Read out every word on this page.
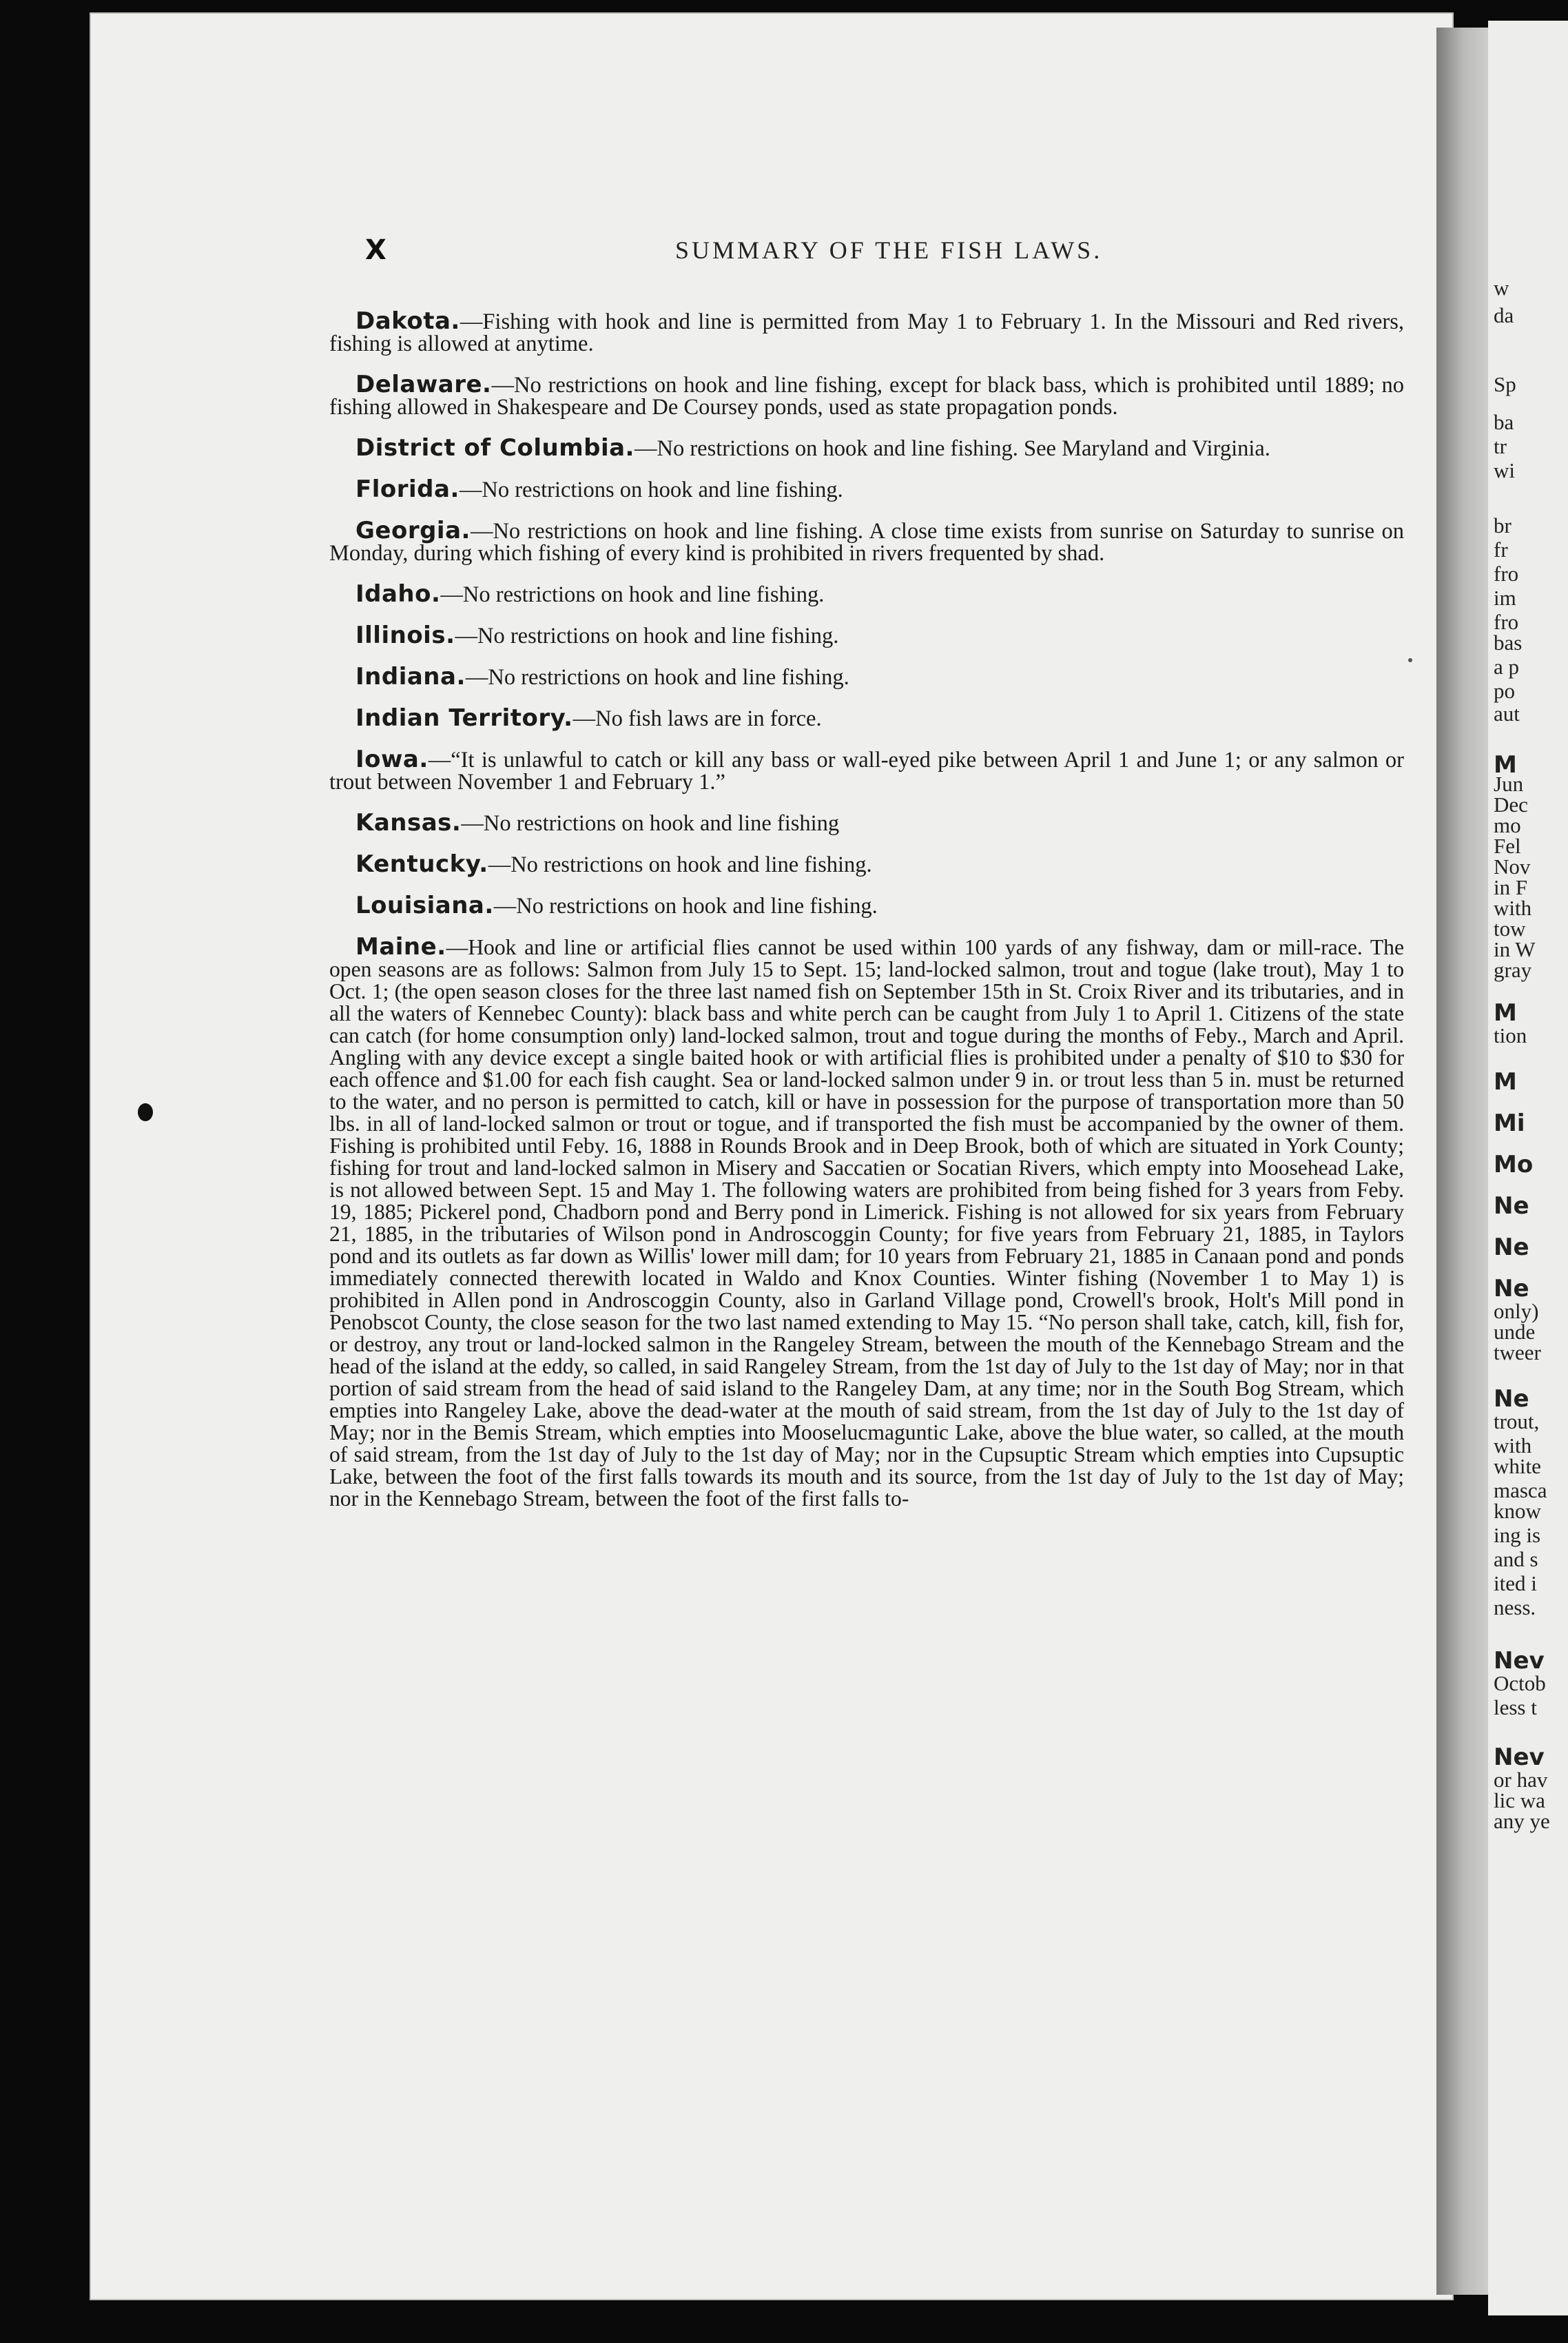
w
da
Sp
ba
tr
wi
br
fr
fro
im
fro
bas
a p
po
aut
M
Jun
Dec
mo
Fel
Nov
in F
with
tow
in W
gray
M
tion
M
Mi
Mo
Ne
Ne
Ne
only)
unde
tweer
Ne
trout,
with
white
masca
know
ing is
and s
ited i
ness.
Nev
Octob
less t
Nev
or hav
lic wa
any ye
X	SUMMARY OF THE FISH LAWS.

Dakota.—Fishing with hook and line is permitted from May 1 to February 1. In the Missouri and Red rivers, fishing is allowed at anytime.

Delaware.—No restrictions on hook and line fishing, except for black bass, which is prohibited until 1889; no fishing allowed in Shakespeare and De Coursey ponds, used as state propagation ponds.

District of Columbia.—No restrictions on hook and line fishing. See Maryland and Virginia.

Florida.—No restrictions on hook and line fishing.

Georgia.—No restrictions on hook and line fishing. A close time exists from sunrise on Saturday to sunrise on Monday, during which fishing of every kind is prohibited in rivers frequented by shad.

Idaho.—No restrictions on hook and line fishing.

Illinois.—No restrictions on hook and line fishing.

Indiana.—No restrictions on hook and line fishing.

Indian Territory.—No fish laws are in force.

Iowa.—“It is unlawful to catch or kill any bass or wall-eyed pike between April 1 and June 1; or any salmon or trout between November 1 and February 1.”

Kansas.—No restrictions on hook and line fishing

Kentucky.—No restrictions on hook and line fishing.

Louisiana.—No restrictions on hook and line fishing.

Maine.—Hook and line or artificial flies cannot be used within 100 yards of any fishway, dam or mill-race. The open seasons are as follows: Salmon from July 15 to Sept. 15; land-locked salmon, trout and togue (lake trout), May 1 to Oct. 1; (the open season closes for the three last named fish on September 15th in St. Croix River and its tributaries, and in all the waters of Kennebec County): black bass and white perch can be caught from July 1 to April 1. Citizens of the state can catch (for home consumption only) land-locked salmon, trout and togue during the months of Feby., March and April. Angling with any device except a single baited hook or with artificial flies is prohibited under a penalty of $10 to $30 for each offence and $1.00 for each fish caught. Sea or land-locked salmon under 9 in. or trout less than 5 in. must be returned to the water, and no person is permitted to catch, kill or have in possession for the purpose of transportation more than 50 lbs. in all of land-locked salmon or trout or togue, and if transported the fish must be accompanied by the owner of them. Fishing is prohibited until Feby. 16, 1888 in Rounds Brook and in Deep Brook, both of which are situated in York County; fishing for trout and land-locked salmon in Misery and Saccatien or Socatian Rivers, which empty into Moosehead Lake, is not allowed between Sept. 15 and May 1. The following waters are prohibited from being fished for 3 years from Feby. 19, 1885; Pickerel pond, Chadborn pond and Berry pond in Limerick. Fishing is not allowed for six years from February 21, 1885, in the tributaries of Wilson pond in Androscoggin County; for five years from February 21, 1885, in Taylors pond and its outlets as far down as Willis' lower mill dam; for 10 years from February 21, 1885 in Canaan pond and ponds immediately connected therewith located in Waldo and Knox Counties. Winter fishing (November 1 to May 1) is prohibited in Allen pond in Androscoggin County, also in Garland Village pond, Crowell's brook, Holt's Mill pond in Penobscot County, the close season for the two last named extending to May 15. “No person shall take, catch, kill, fish for, or destroy, any trout or land-locked salmon in the Rangeley Stream, between the mouth of the Kennebago Stream and the head of the island at the eddy, so called, in said Rangeley Stream, from the 1st day of July to the 1st day of May; nor in that portion of said stream from the head of said island to the Rangeley Dam, at any time; nor in the South Bog Stream, which empties into Rangeley Lake, above the dead-water at the mouth of said stream, from the 1st day of July to the 1st day of May; nor in the Bemis Stream, which empties into Mooselucmaguntic Lake, above the blue water, so called, at the mouth of said stream, from the 1st day of July to the 1st day of May; nor in the Cupsuptic Stream which empties into Cupsuptic Lake, between the foot of the first falls towards its mouth and its source, from the 1st day of July to the 1st day of May; nor in the Kennebago Stream, between the foot of the first falls to-
